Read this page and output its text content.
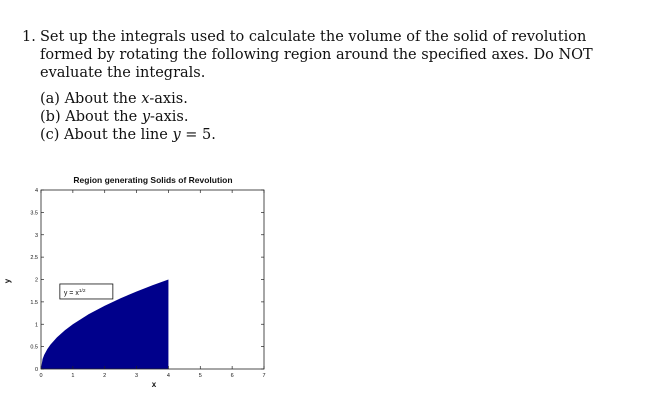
1. Set up the integrals used to calculate the volume of the solid of revolution formed by rotating the following region around the specified axes. Do NOT evaluate the integrals.
(a) About the x-axis.
(b) About the y-axis.
(c) About the line y = 5.
Region generating Solids of Revolution
0	1	2	3	4	5	6	7
0
0.5
1
1.5
2
2.5
3
3.5
4
x
y
$y = x^{1/2}$
